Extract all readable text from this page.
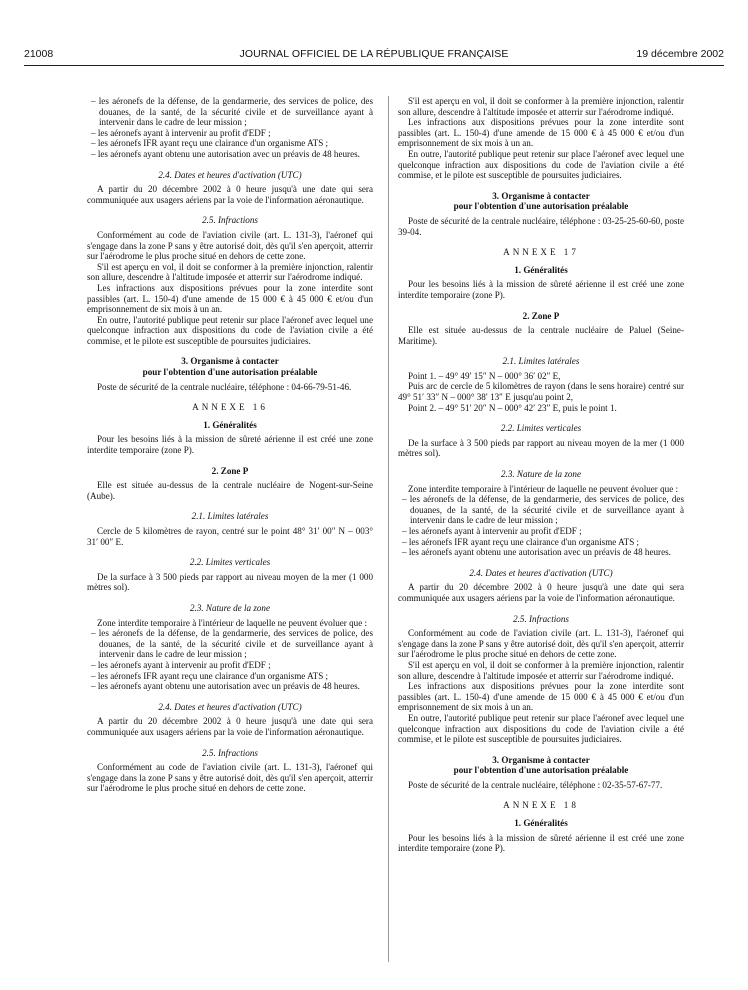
21008	JOURNAL OFFICIEL DE LA RÉPUBLIQUE FRANÇAISE	19 décembre 2002
– les aéronefs de la défense, de la gendarmerie, des services de police, des douanes, de la santé, de la sécurité civile et de surveillance ayant à intervenir dans le cadre de leur mission ;
– les aéronefs ayant à intervenir au profit d'EDF ;
– les aéronefs IFR ayant reçu une clairance d'un organisme ATS ;
– les aéronefs ayant obtenu une autorisation avec un préavis de 48 heures.
2.4. Dates et heures d'activation (UTC)

A partir du 20 décembre 2002 à 0 heure jusqu'à une date qui sera communiquée aux usagers aériens par la voie de l'information aéronautique.

2.5. Infractions

Conformément au code de l'aviation civile (art. L. 131-3), l'aéronef qui s'engage dans la zone P sans y être autorisé doit, dès qu'il s'en aperçoit, atterrir sur l'aérodrome le plus proche situé en dehors de cette zone.

S'il est aperçu en vol, il doit se conformer à la première injonction, ralentir son allure, descendre à l'altitude imposée et atterrir sur l'aérodrome indiqué.

Les infractions aux dispositions prévues pour la zone interdite sont passibles (art. L. 150-4) d'une amende de 15 000 € à 45 000 € et/ou d'un emprisonnement de six mois à un an.

En outre, l'autorité publique peut retenir sur place l'aéronef avec lequel une quelconque infraction aux dispositions du code de l'aviation civile a été commise, et le pilote est susceptible de poursuites judiciaires.

3. Organisme à contacter
pour l'obtention d'une autorisation préalable

Poste de sécurité de la centrale nucléaire, téléphone : 04-66-79-51-46.

ANNEXE 16
1. Généralités

Pour les besoins liés à la mission de sûreté aérienne il est créé une zone interdite temporaire (zone P).

2. Zone P

Elle est située au-dessus de la centrale nucléaire de Nogent-sur-Seine (Aube).

2.1. Limites latérales

Cercle de 5 kilomètres de rayon, centré sur le point 48° 31′ 00″ N – 003° 31′ 00″ E.

2.2. Limites verticales

De la surface à 3 500 pieds par rapport au niveau moyen de la mer (1 000 mètres sol).

2.3. Nature de la zone

Zone interdite temporaire à l'intérieur de laquelle ne peuvent évoluer que :

– les aéronefs de la défense, de la gendarmerie, des services de police, des douanes, de la santé, de la sécurité civile et de surveillance ayant à intervenir dans le cadre de leur mission ;
– les aéronefs ayant à intervenir au profit d'EDF ;
– les aéronefs IFR ayant reçu une clairance d'un organisme ATS ;
– les aéronefs ayant obtenu une autorisation avec un préavis de 48 heures.
2.4. Dates et heures d'activation (UTC)

A partir du 20 décembre 2002 à 0 heure jusqu'à une date qui sera communiquée aux usagers aériens par la voie de l'information aéronautique.

2.5. Infractions

Conformément au code de l'aviation civile (art. L. 131-3), l'aéronef qui s'engage dans la zone P sans y être autorisé doit, dès qu'il s'en aperçoit, atterrir sur l'aérodrome le plus proche situé en dehors de cette zone.

S'il est aperçu en vol, il doit se conformer à la première injonction, ralentir son allure, descendre à l'altitude imposée et atterrir sur l'aérodrome indiqué.

Les infractions aux dispositions prévues pour la zone interdite sont passibles (art. L. 150-4) d'une amende de 15 000 € à 45 000 € et/ou d'un emprisonnement de six mois à un an.

En outre, l'autorité publique peut retenir sur place l'aéronef avec lequel une quelconque infraction aux dispositions du code de l'aviation civile a été commise, et le pilote est susceptible de poursuites judiciaires.

3. Organisme à contacter
pour l'obtention d'une autorisation préalable

Poste de sécurité de la centrale nucléaire, téléphone : 03-25-25-60-60, poste 39-04.

ANNEXE 17
1. Généralités

Pour les besoins liés à la mission de sûreté aérienne il est créé une zone interdite temporaire (zone P).

2. Zone P

Elle est située au-dessus de la centrale nucléaire de Paluel (Seine-Maritime).

2.1. Limites latérales

Point 1. – 49° 49′ 15″ N – 000° 36′ 02″ E,

Puis arc de cercle de 5 kilomètres de rayon (dans le sens horaire) centré sur 49° 51′ 33″ N – 000° 38′ 13″ E jusqu'au point 2,

Point 2. – 49° 51′ 20″ N – 000° 42′ 23″ E, puis le point 1.

2.2. Limites verticales

De la surface à 3 500 pieds par rapport au niveau moyen de la mer (1 000 mètres sol).

2.3. Nature de la zone

Zone interdite temporaire à l'intérieur de laquelle ne peuvent évoluer que :

– les aéronefs de la défense, de la gendarmerie, des services de police, des douanes, de la santé, de la sécurité civile et de surveillance ayant à intervenir dans le cadre de leur mission ;
– les aéronefs ayant à intervenir au profit d'EDF ;
– les aéronefs IFR ayant reçu une clairance d'un organisme ATS ;
– les aéronefs ayant obtenu une autorisation avec un préavis de 48 heures.
2.4. Dates et heures d'activation (UTC)

A partir du 20 décembre 2002 à 0 heure jusqu'à une date qui sera communiquée aux usagers aériens par la voie de l'information aéronautique.

2.5. Infractions

Conformément au code de l'aviation civile (art. L. 131-3), l'aéronef qui s'engage dans la zone P sans y être autorisé doit, dès qu'il s'en aperçoit, atterrir sur l'aérodrome le plus proche situé en dehors de cette zone.

S'il est aperçu en vol, il doit se conformer à la première injonction, ralentir son allure, descendre à l'altitude imposée et atterrir sur l'aérodrome indiqué.

Les infractions aux dispositions prévues pour la zone interdite sont passibles (art. L. 150-4) d'une amende de 15 000 € à 45 000 € et/ou d'un emprisonnement de six mois à un an.

En outre, l'autorité publique peut retenir sur place l'aéronef avec lequel une quelconque infraction aux dispositions du code de l'aviation civile a été commise, et le pilote est susceptible de poursuites judiciaires.

3. Organisme à contacter
pour l'obtention d'une autorisation préalable

Poste de sécurité de la centrale nucléaire, téléphone : 02-35-57-67-77.

ANNEXE 18
1. Généralités

Pour les besoins liés à la mission de sûreté aérienne il est créé une zone interdite temporaire (zone P).
